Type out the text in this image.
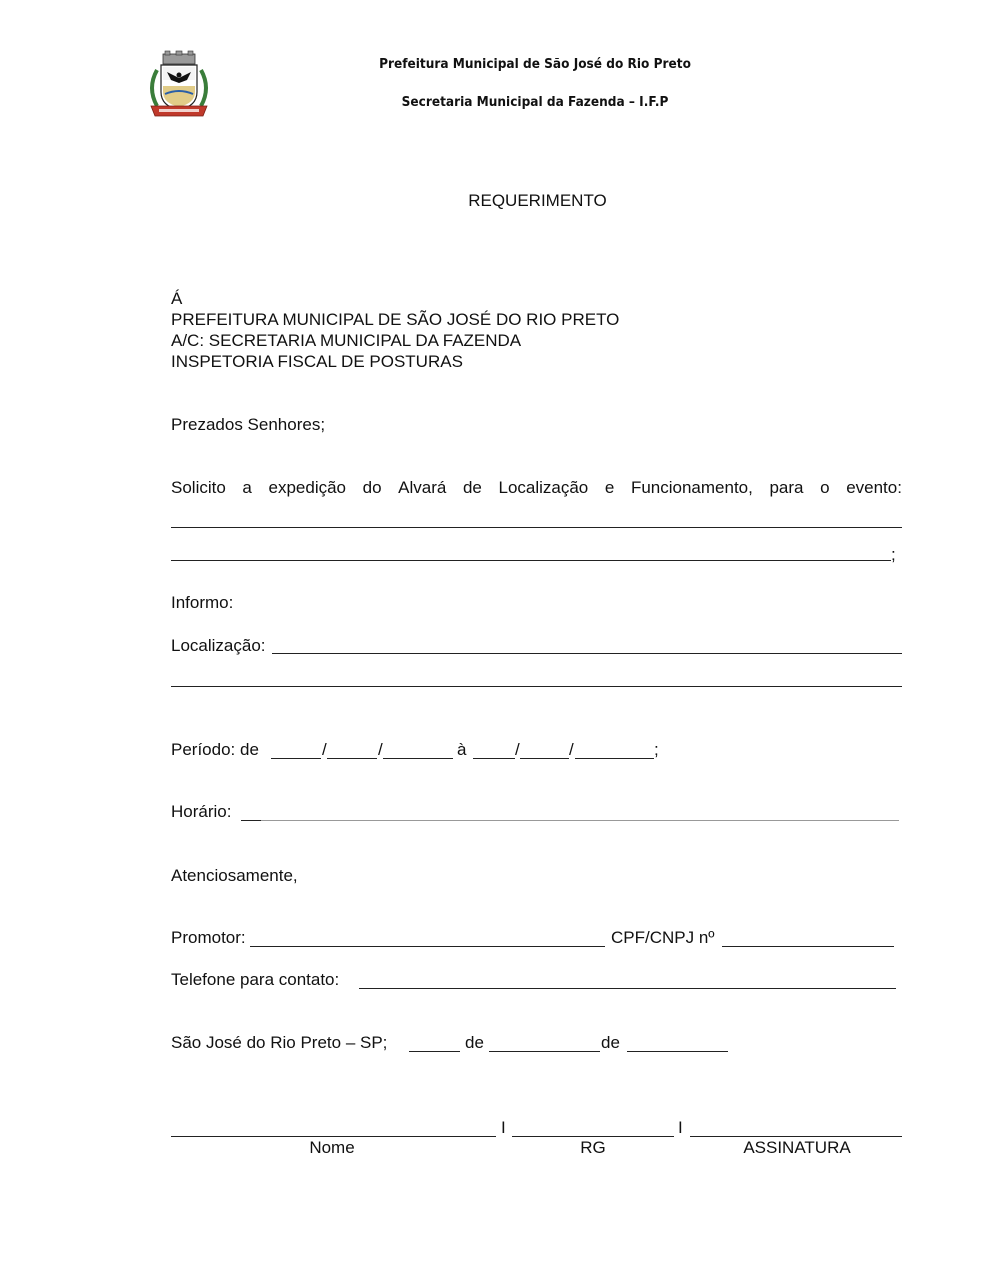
Prefeitura Municipal de São José do Rio Preto
Secretaria Municipal da Fazenda – I.F.P
REQUERIMENTO
Á
PREFEITURA MUNICIPAL DE SÃO JOSÉ DO RIO PRETO
A/C: SECRETARIA MUNICIPAL DA FAZENDA
INSPETORIA FISCAL DE POSTURAS
Prezados Senhores;
Solicito a expedição do Alvará de Localização e Funcionamento, para o evento:
;
Informo:
Localização:
Período: de	/	/	à	/	/	;
Horário:
Atenciosamente,
Promotor:	CPF/CNPJ nº
Telefone para contato:
São José do Rio Preto – SP;	de	de
I	I
Nome	RG	ASSINATURA
